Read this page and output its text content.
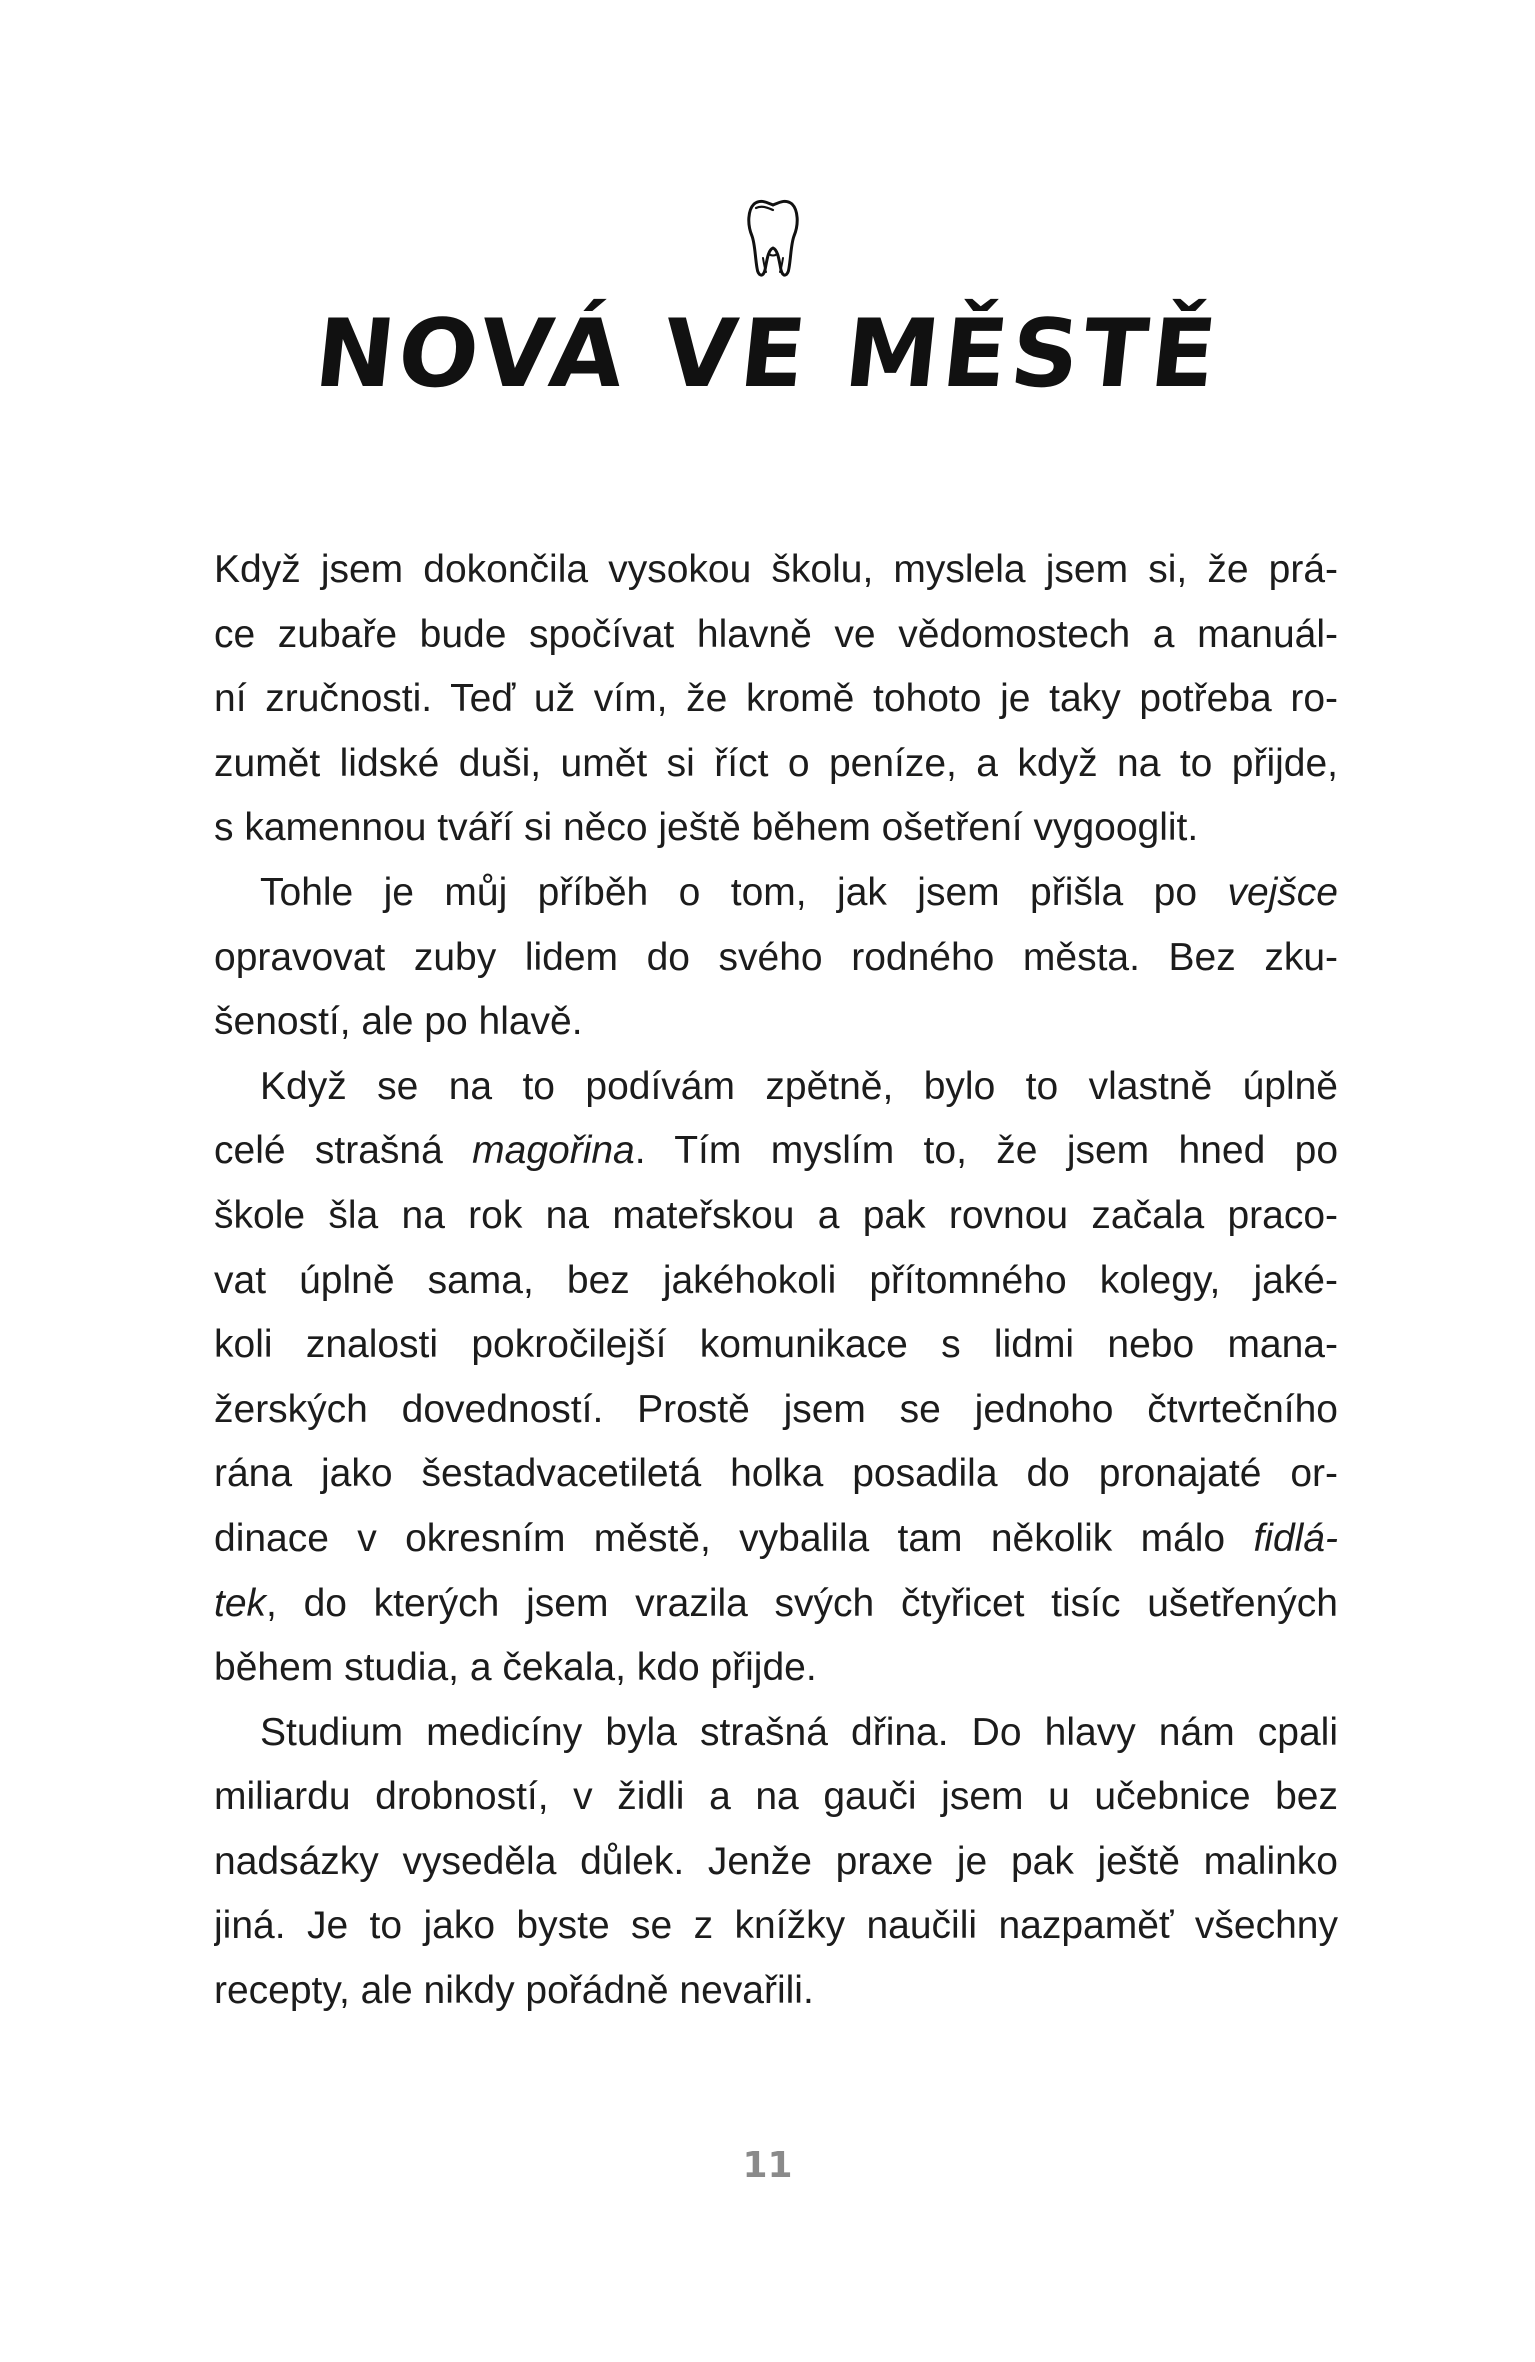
NOVÁ VE MĚSTĚ
Když jsem dokončila vysokou školu, myslela jsem si, že prá-
ce zubaře bude spočívat hlavně ve vědomostech a manuál-
ní zručnosti. Teď už vím, že kromě tohoto je taky potřeba ro-
zumět lidské duši, umět si říct o peníze, a když na to přijde,
s kamennou tváří si něco ještě během ošetření vygooglit.
Tohle je můj příběh o tom, jak jsem přišla po vejšce
opravovat zuby lidem do svého rodného města. Bez zku-
šeností, ale po hlavě.
Když se na to podívám zpětně, bylo to vlastně úplně
celé strašná magořina. Tím myslím to, že jsem hned po
škole šla na rok na mateřskou a pak rovnou začala praco-
vat úplně sama, bez jakéhokoli přítomného kolegy, jaké-
koli znalosti pokročilejší komunikace s lidmi nebo mana-
žerských dovedností. Prostě jsem se jednoho čtvrtečního
rána jako šestadvacetiletá holka posadila do pronajaté or-
dinace v okresním městě, vybalila tam několik málo fidlá-
tek, do kterých jsem vrazila svých čtyřicet tisíc ušetřených
během studia, a čekala, kdo přijde.
Studium medicíny byla strašná dřina. Do hlavy nám cpali
miliardu drobností, v židli a na gauči jsem u učebnice bez
nadsázky vyseděla důlek. Jenže praxe je pak ještě malinko
jiná. Je to jako byste se z knížky naučili nazpaměť všechny
recepty, ale nikdy pořádně nevařili.
11
